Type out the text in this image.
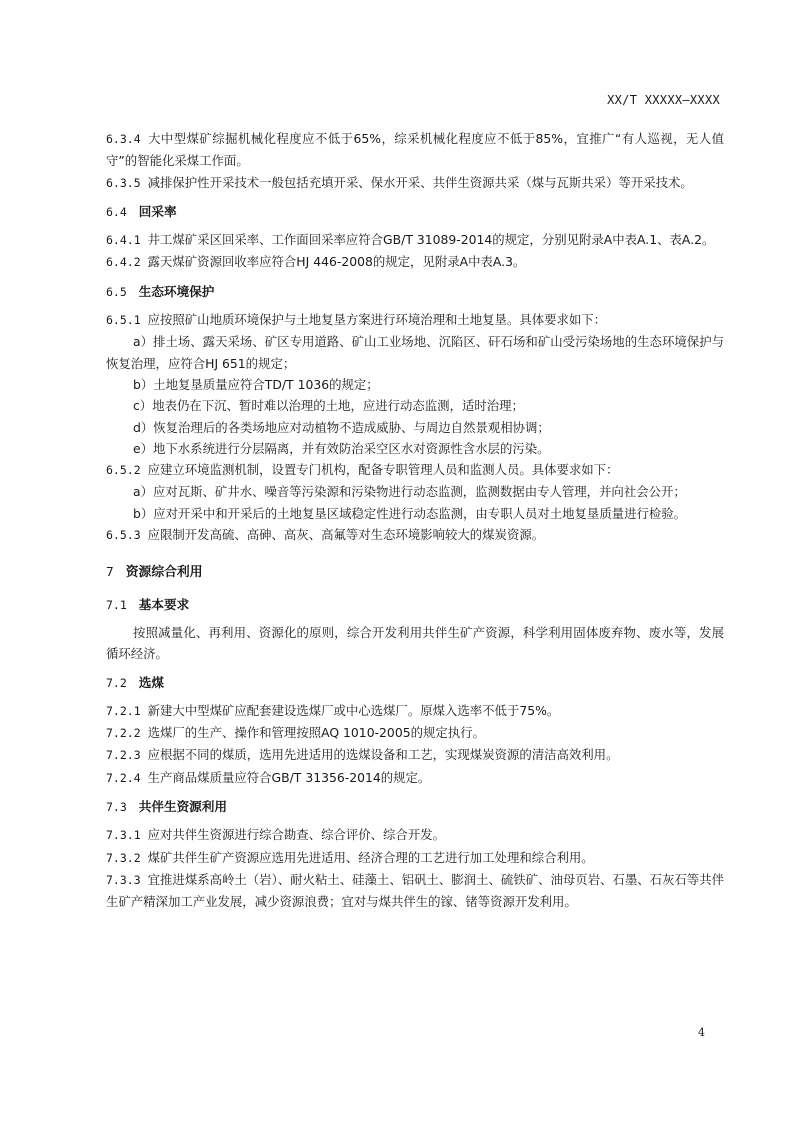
XX/T XXXXX—XXXX
6.3.4 大中型煤矿综掘机械化程度应不低于65%，综采机械化程度应不低于85%，宜推广“有人巡视，无人值守”的智能化采煤工作面。
6.3.5 减排保护性开采技术一般包括充填开采、保水开采、共伴生资源共采（煤与瓦斯共采）等开采技术。
6.4 回采率
6.4.1 井工煤矿采区回采率、工作面回采率应符合GB/T 31089-2014的规定，分别见附录A中表A.1、表A.2。
6.4.2 露天煤矿资源回收率应符合HJ 446-2008的规定，见附录A中表A.3。
6.5 生态环境保护
6.5.1 应按照矿山地质环境保护与土地复垦方案进行环境治理和土地复垦。具体要求如下：
a）排土场、露天采场、矿区专用道路、矿山工业场地、沉陷区、矸石场和矿山受污染场地的生态环境保护与恢复治理，应符合HJ 651的规定；
b）土地复垦质量应符合TD/T 1036的规定；
c）地表仍在下沉、暂时难以治理的土地，应进行动态监测，适时治理；
d）恢复治理后的各类场地应对动植物不造成威胁、与周边自然景观相协调；
e）地下水系统进行分层隔离，并有效防治采空区水对资源性含水层的污染。
6.5.2 应建立环境监测机制，设置专门机构，配备专职管理人员和监测人员。具体要求如下：
a）应对瓦斯、矿井水、噪音等污染源和污染物进行动态监测，监测数据由专人管理，并向社会公开；
b）应对开采中和开采后的土地复垦区域稳定性进行动态监测，由专职人员对土地复垦质量进行检验。
6.5.3 应限制开发高硫、高砷、高灰、高氟等对生态环境影响较大的煤炭资源。
7 资源综合利用
7.1 基本要求
按照减量化、再利用、资源化的原则，综合开发利用共伴生矿产资源，科学利用固体废弃物、废水等，发展循环经济。
7.2 选煤
7.2.1 新建大中型煤矿应配套建设选煤厂或中心选煤厂。原煤入选率不低于75%。
7.2.2 选煤厂的生产、操作和管理按照AQ 1010-2005的规定执行。
7.2.3 应根据不同的煤质，选用先进适用的选煤设备和工艺，实现煤炭资源的清洁高效利用。
7.2.4 生产商品煤质量应符合GB/T 31356-2014的规定。
7.3 共伴生资源利用
7.3.1 应对共伴生资源进行综合勘查、综合评价、综合开发。
7.3.2 煤矿共伴生矿产资源应选用先进适用、经济合理的工艺进行加工处理和综合利用。
7.3.3 宜推进煤系高岭土（岩）、耐火粘土、硅藻土、铝矾土、膨润土、硫铁矿、油母页岩、石墨、石灰石等共伴生矿产精深加工产业发展，减少资源浪费；宜对与煤共伴生的镓、锗等资源开发利用。
4
